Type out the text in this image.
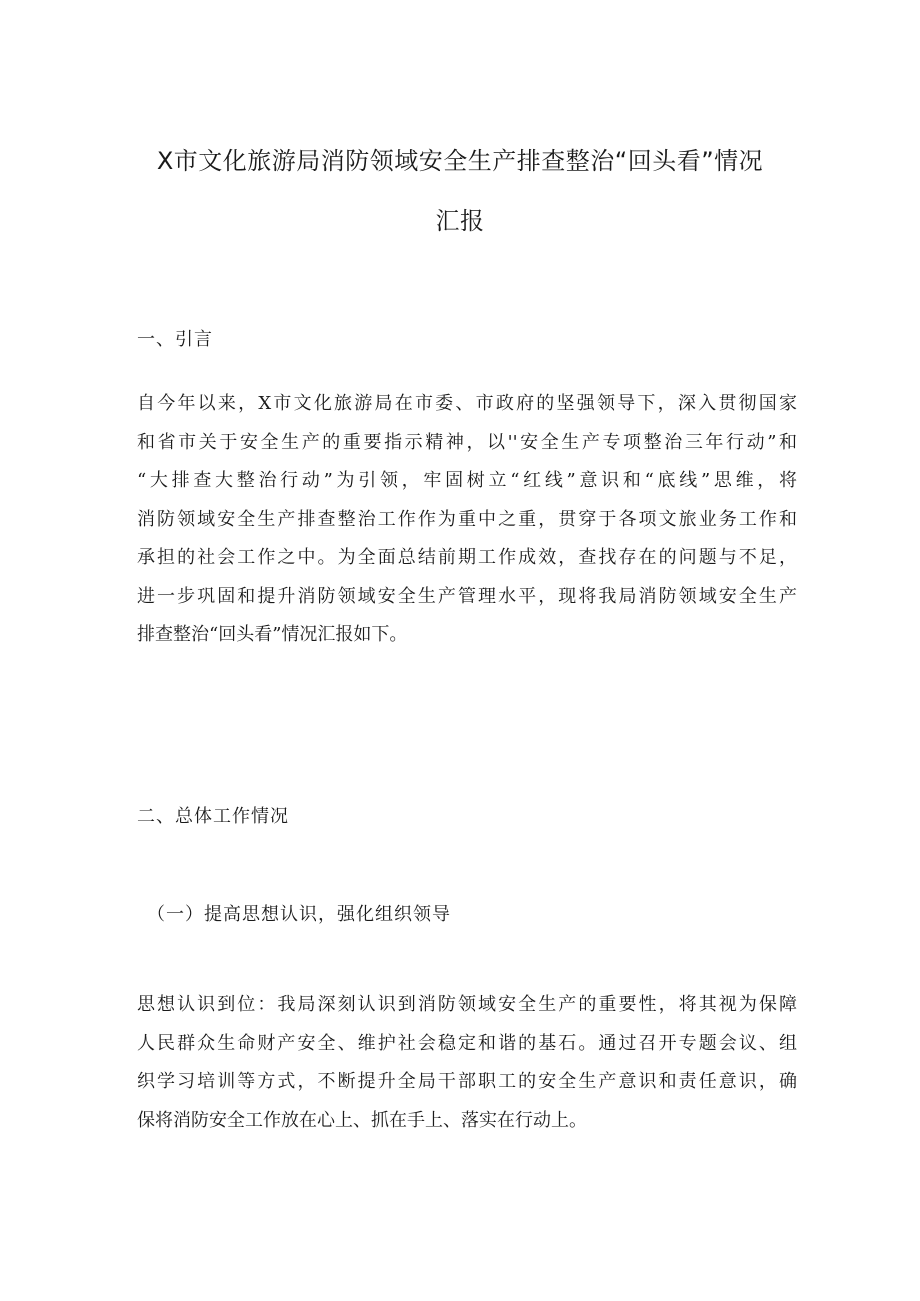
X市文化旅游局消防领域安全生产排查整治“回头看”情况
汇报
一、引言
自今年以来，X市文化旅游局在市委、市政府的坚强领导下，深入贯彻国家
和省市关于安全生产的重要指示精神，以''安全生产专项整治三年行动”和
“大排查大整治行动”为引领，牢固树立“红线”意识和“底线”思维，将
消防领域安全生产排查整治工作作为重中之重，贯穿于各项文旅业务工作和
承担的社会工作之中。为全面总结前期工作成效，查找存在的问题与不足，
进一步巩固和提升消防领域安全生产管理水平，现将我局消防领域安全生产
排查整治“回头看”情况汇报如下。
二、总体工作情况
（一）提高思想认识，强化组织领导
思想认识到位：我局深刻认识到消防领域安全生产的重要性，将其视为保障
人民群众生命财产安全、维护社会稳定和谐的基石。通过召开专题会议、组
织学习培训等方式，不断提升全局干部职工的安全生产意识和责任意识，确
保将消防安全工作放在心上、抓在手上、落实在行动上。
